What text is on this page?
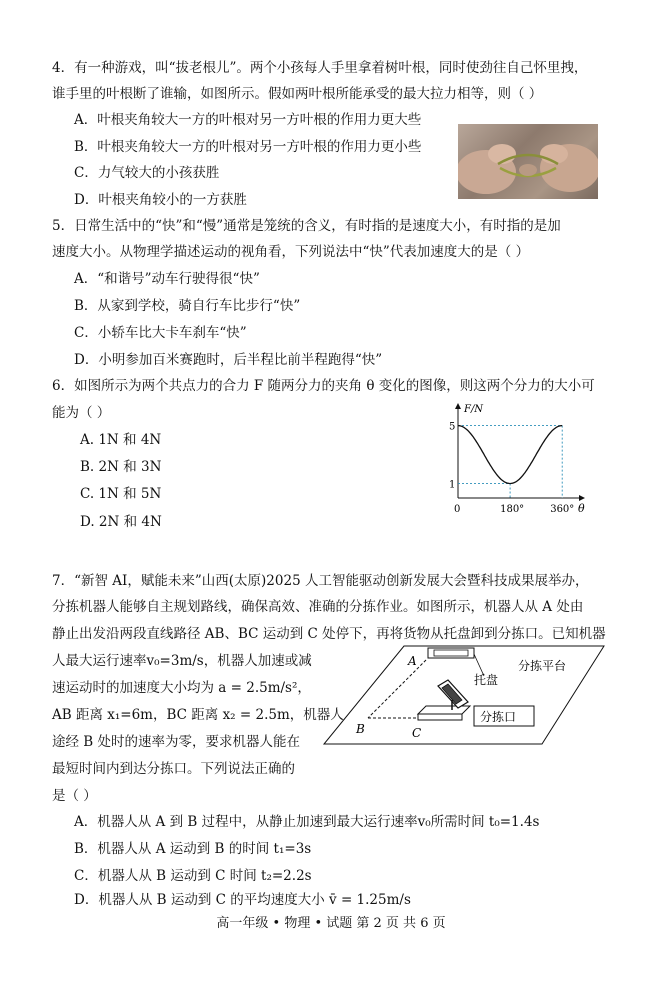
4．有一种游戏，叫“拔老根儿”。两个小孩每人手里拿着树叶根，同时使劲往自己怀里拽，
谁手里的叶根断了谁输，如图所示。假如两叶根所能承受的最大拉力相等，则（ ）
A．叶根夹角较大一方的叶根对另一方叶根的作用力更大些
B．叶根夹角较大一方的叶根对另一方叶根的作用力更小些
C．力气较大的小孩获胜
D．叶根夹角较小的一方获胜
5．日常生活中的“快”和“慢”通常是笼统的含义，有时指的是速度大小，有时指的是加
速度大小。从物理学描述运动的视角看，下列说法中“快”代表加速度大的是（ ）
A．“和谐号”动车行驶得很“快”
B．从家到学校，骑自行车比步行“快”
C．小轿车比大卡车刹车“快”
D．小明参加百米赛跑时，后半程比前半程跑得“快”
6．如图所示为两个共点力的合力 F 随两分力的夹角 θ 变化的图像，则这两个分力的大小可
能为（ ）
A. 1N 和 4N
B. 2N 和 3N
C. 1N 和 5N
D. 2N 和 4N
F/N
θ
0	180°	360°
5
1
7．“新智 AI，赋能未来”山西(太原)2025 人工智能驱动创新发展大会暨科技成果展举办，
分拣机器人能够自主规划路线，确保高效、准确的分拣作业。如图所示，机器人从 A 处由
静止出发沿两段直线路径 AB、BC 运动到 C 处停下，再将货物从托盘卸到分拣口。已知机器
人最大运行速率v₀=3m/s，机器人加速或减
速运动时的加速度大小均为 a = 2.5m/s²，
AB 距离 x₁=6m，BC 距离 x₂ = 2.5m，机器人
途经 B 处时的速率为零，要求机器人能在
最短时间内到达分拣口。下列说法正确的
是（ ）
A．机器人从 A 到 B 过程中，从静止加速到最大运行速率v₀所需时间 t₀=1.4s
B．机器人从 A 运动到 B 的时间 t₁=3s
C．机器人从 B 运动到 C 时间 t₂=2.2s
D．机器人从 B 运动到 C 的平均速度大小 v̄ = 1.25m/s
分拣平台
托盘
A
B	C
分拣口
高一年级 • 物理 • 试题 第 2 页 共 6 页
